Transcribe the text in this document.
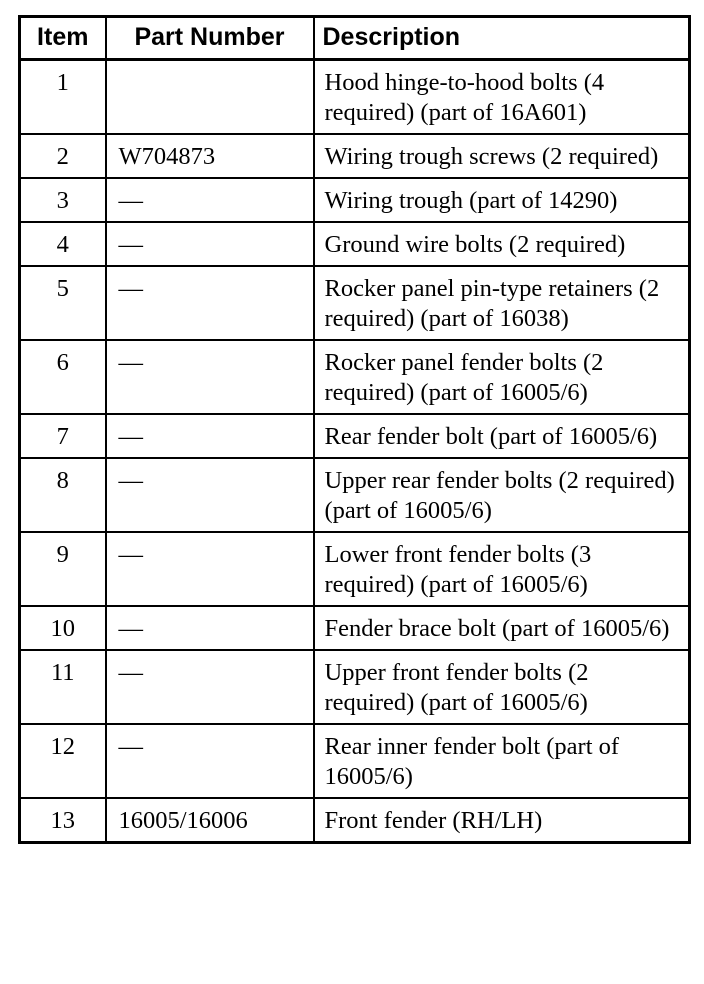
Item	Part Number	Description
1		Hood hinge-to-hood bolts (4 required) (part of 16A601)
2	W704873	Wiring trough screws (2 required)
3	—	Wiring trough (part of 14290)
4	—	Ground wire bolts (2 required)
5	—	Rocker panel pin-type retainers (2 required) (part of 16038)
6	—	Rocker panel fender bolts (2 required) (part of 16005/6)
7	—	Rear fender bolt (part of 16005/6)
8	—	Upper rear fender bolts (2 required) (part of 16005/6)
9	—	Lower front fender bolts (3 required) (part of 16005/6)
10	—	Fender brace bolt (part of 16005/6)
11	—	Upper front fender bolts (2 required) (part of 16005/6)
12	—	Rear inner fender bolt (part of 16005/6)
13	16005/16006	Front fender (RH/LH)
